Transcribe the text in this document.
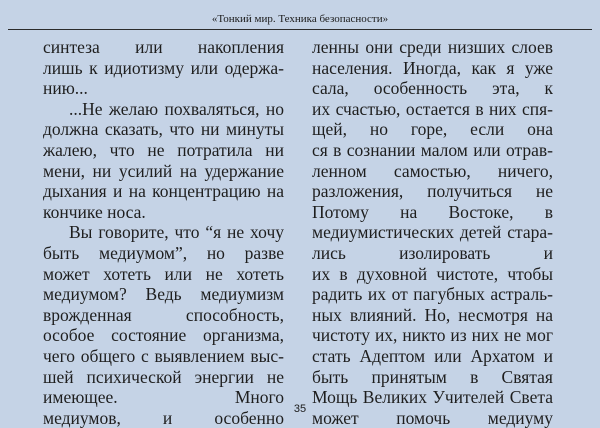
«Тонкий мир. Техника безопасности»
синтеза или накопления
лишь к идиотизму или одержа-
нию...
...Не желаю похваляться, но
должна сказать, что ни минуты
жалею, что не потратила ни
мени, ни усилий на удержание
дыхания и на концентрацию на
кончике носа.
Вы говорите, что “я не хочу
быть медиумом”, но разве
может хотеть или не хотеть
медиумом? Ведь медиумизм
врожденная способность,
особое состояние организма,
чего общего с выявлением выс-
шей психической энергии не
имеющее. Много
медиумов, и особенно
ленны они среди низших слоев
населения. Иногда, как я уже
сала, особенность эта, к
их счастью, остается в них спя-
щей, но горе, если она
ся в сознании малом или отрав-
ленном самостью, ничего,
разложения, получиться не
Потому на Востоке, в
медиумистических детей стара-
лись изолировать и
их в духовной чистоте, чтобы
радить их от пагубных астраль-
ных влияний. Но, несмотря на
чистоту их, никто из них не мог
стать Адептом или Архатом и
быть принятым в Святая
Мощь Великих Учителей Света
может помочь медиуму
35
